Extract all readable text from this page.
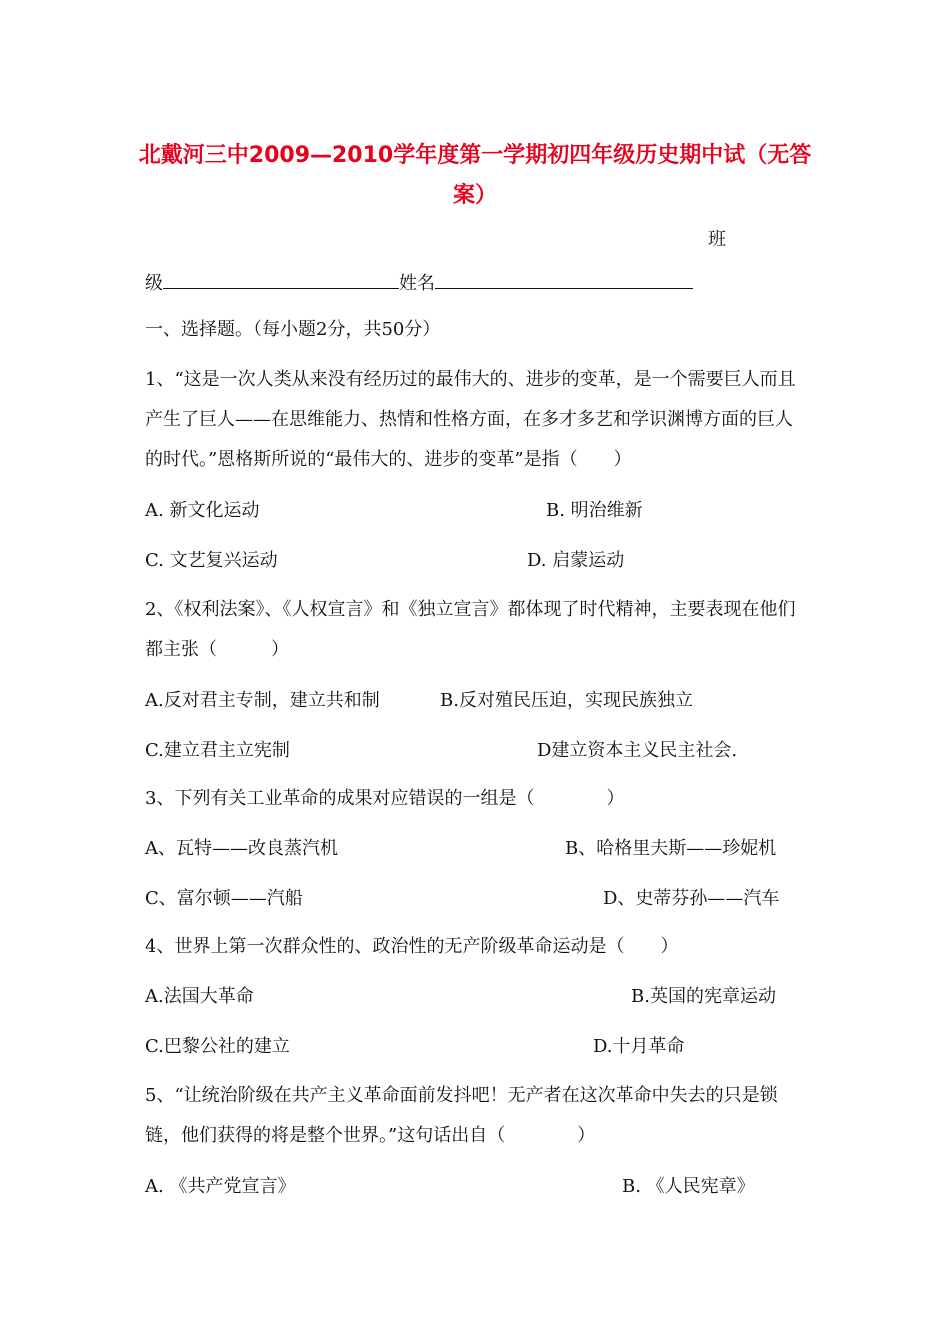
北戴河三中2009—2010学年度第一学期初四年级历史期中试（无答案）
班
级	姓名
一、选择题。（每小题2分，共50分）
1、“这是一次人类从来没有经历过的最伟大的、进步的变革，是一个需要巨人而且产生了巨人——在思维能力、热情和性格方面，在多才多艺和学识渊博方面的巨人的时代。”恩格斯所说的“最伟大的、进步的变革”是指（　　）
A. 新文化运动	B. 明治维新
C. 文艺复兴运动	D. 启蒙运动
2、《权利法案》、《人权宣言》和《独立宣言》都体现了时代精神，主要表现在他们都主张（　　　）
A.反对君主专制，建立共和制	B.反对殖民压迫，实现民族独立
C.建立君主立宪制	D建立资本主义民主社会.
3、下列有关工业革命的成果对应错误的一组是（　　　　）
A、瓦特——改良蒸汽机	B、哈格里夫斯——珍妮机
C、富尔顿——汽船	D、史蒂芬孙——汽车
4、世界上第一次群众性的、政治性的无产阶级革命运动是（　　）
A.法国大革命	B.英国的宪章运动
C.巴黎公社的建立	D.十月革命
5、“让统治阶级在共产主义革命面前发抖吧！无产者在这次革命中失去的只是锁链，他们获得的将是整个世界。”这句话出自（　　　　）
A. 《共产党宣言》	B. 《人民宪章》
